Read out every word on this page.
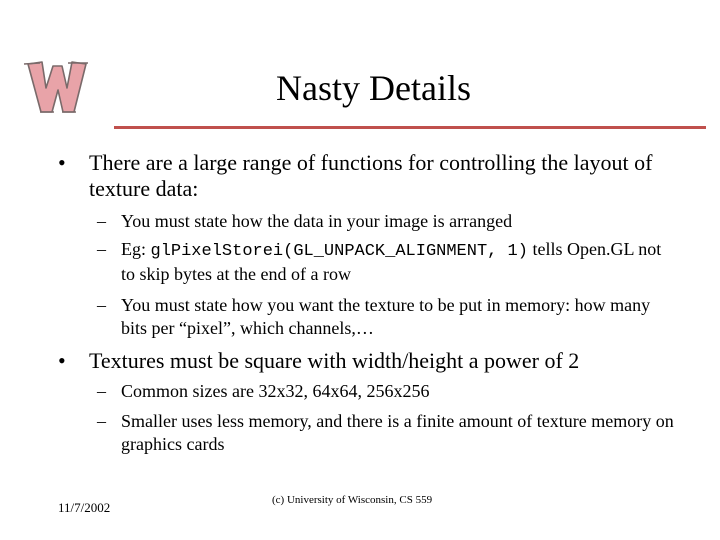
Nasty Details
• There are a large range of functions for controlling the layout of texture data:
– You must state how the data in your image is arranged
– Eg: glPixelStorei(GL_UNPACK_ALIGNMENT, 1) tells Open.GL not to skip bytes at the end of a row
– You must state how you want the texture to be put in memory: how many bits per “pixel”, which channels,…
• Textures must be square with width/height a power of 2
– Common sizes are 32x32, 64x64, 256x256
– Smaller uses less memory, and there is a finite amount of texture memory on graphics cards
11/7/2002	(c) University of Wisconsin, CS 559
